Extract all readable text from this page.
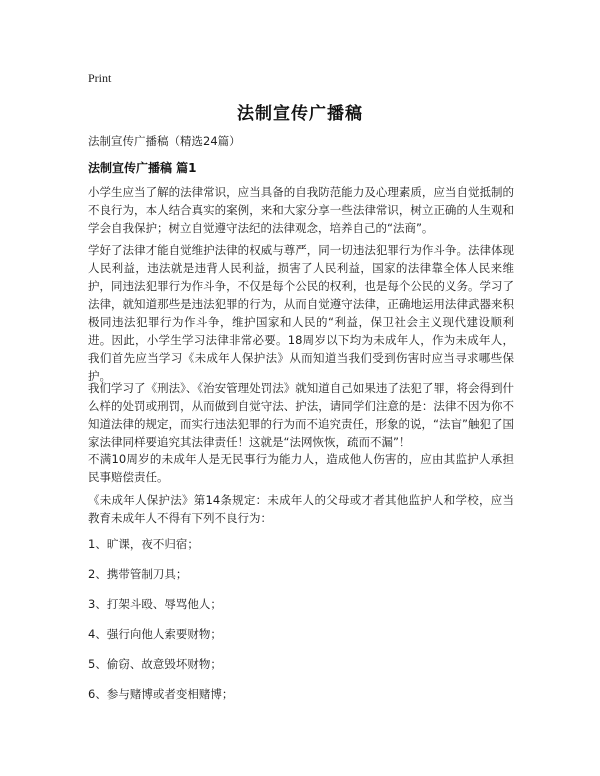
Print
法制宣传广播稿
法制宣传广播稿（精选24篇）
法制宣传广播稿 篇1
小学生应当了解的法律常识，应当具备的自我防范能力及心理素质，应当自觉抵制的不良行为，本人结合真实的案例，来和大家分享一些法律常识，树立正确的人生观和学会自我保护；树立自觉遵守法纪的法律观念，培养自己的“法商”。
学好了法律才能自觉维护法律的权威与尊严，同一切违法犯罪行为作斗争。法律体现人民利益，违法就是违背人民利益，损害了人民利益，国家的法律靠全体人民来维护，同违法犯罪行为作斗争，不仅是每个公民的权利，也是每个公民的义务。学习了法律，就知道那些是违法犯罪的行为，从而自觉遵守法律，正确地运用法律武器来积极同违法犯罪行为作斗争，维护国家和人民的“利益，保卫社会主义现代建设顺利进。因此，小学生学习法律非常必要。18周岁以下均为未成年人，作为未成年人，我们首先应当学习《未成年人保护法》从而知道当我们受到伤害时应当寻求哪些保护。
我们学习了《刑法》、《治安管理处罚法》就知道自己如果违了法犯了罪，将会得到什么样的处罚或刑罚，从而做到自觉守法、护法，请同学们注意的是：法律不因为你不知道法律的规定，而实行违法犯罪的行为而不追究责任，形象的说，“法盲”触犯了国家法律同样要追究其法律责任！这就是“法网恢恢，疏而不漏”！
不满10周岁的未成年人是无民事行为能力人，造成他人伤害的，应由其监护人承担民事赔偿责任。
《未成年人保护法》第14条规定：未成年人的父母或才者其他监护人和学校，应当教育未成年人不得有下列不良行为：
1、旷课，夜不归宿；
2、携带管制刀具；
3、打架斗殴、辱骂他人；
4、强行向他人索要财物；
5、偷窃、故意毁坏财物；
6、参与赌博或者变相赌博；
